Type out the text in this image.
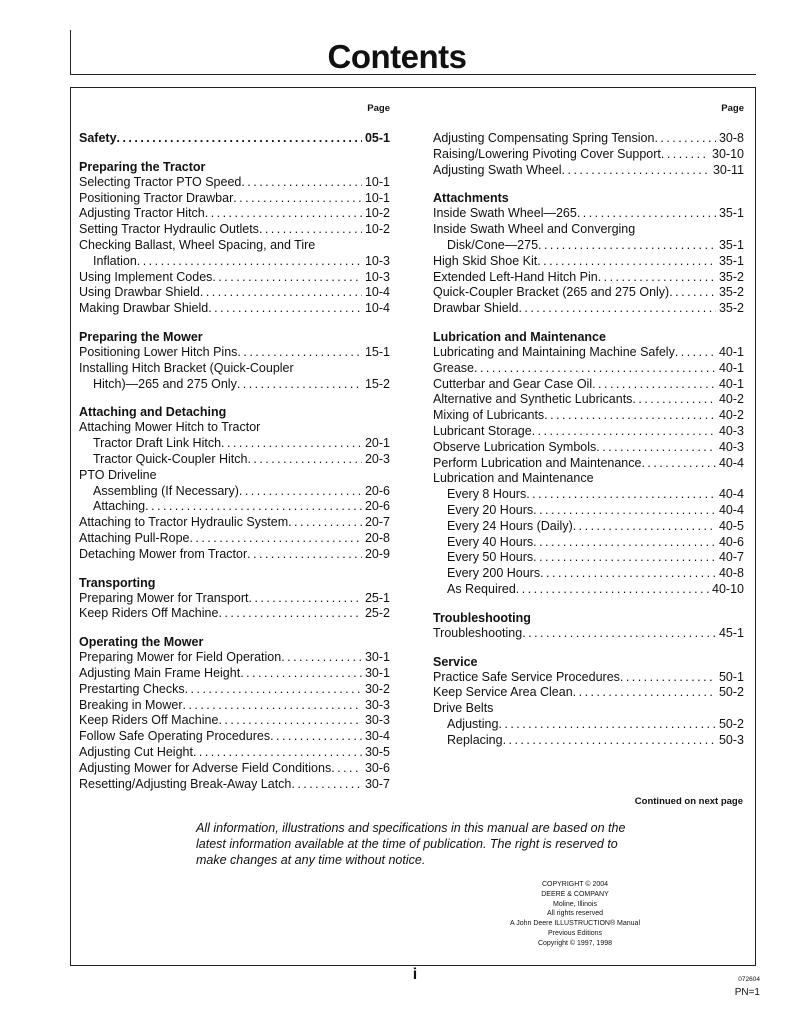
Contents
Page
Safety . . .	05-1
Preparing the Tractor
Selecting Tractor PTO Speed . . .	10-1
Positioning Tractor Drawbar . . .	10-1
Adjusting Tractor Hitch . . .	10-2
Setting Tractor Hydraulic Outlets . . .	10-2
Checking Ballast, Wheel Spacing, and Tire
Inflation . . .	10-3
Using Implement Codes . . .	10-3
Using Drawbar Shield . . .	10-4
Making Drawbar Shield . . .	10-4
Preparing the Mower
Positioning Lower Hitch Pins . . .	15-1
Installing Hitch Bracket (Quick-Coupler
Hitch)—265 and 275 Only . . .	15-2
Attaching and Detaching
Attaching Mower Hitch to Tractor
Tractor Draft Link Hitch . . .	20-1
Tractor Quick-Coupler Hitch . . .	20-3
PTO Driveline
Assembling (If Necessary) . . .	20-6
Attaching . . .	20-6
Attaching to Tractor Hydraulic System . . .	20-7
Attaching Pull-Rope . . .	20-8
Detaching Mower from Tractor . . .	20-9
Transporting
Preparing Mower for Transport . . .	25-1
Keep Riders Off Machine . . .	25-2
Operating the Mower
Preparing Mower for Field Operation . . .	30-1
Adjusting Main Frame Height . . .	30-1
Prestarting Checks . . .	30-2
Breaking in Mower . . .	30-3
Keep Riders Off Machine . . .	30-3
Follow Safe Operating Procedures . . .	30-4
Adjusting Cut Height . . .	30-5
Adjusting Mower for Adverse Field Conditions . . .	30-6
Resetting/Adjusting Break-Away Latch . . .	30-7
Page
Adjusting Compensating Spring Tension . . .	30-8
Raising/Lowering Pivoting Cover Support . . .	30-10
Adjusting Swath Wheel . . .	30-11
Attachments
Inside Swath Wheel—265 . . .	35-1
Inside Swath Wheel and Converging
Disk/Cone—275 . . .	35-1
High Skid Shoe Kit . . .	35-1
Extended Left-Hand Hitch Pin . . .	35-2
Quick-Coupler Bracket (265 and 275 Only) . . .	35-2
Drawbar Shield . . .	35-2
Lubrication and Maintenance
Lubricating and Maintaining Machine Safely . . .	40-1
Grease . . .	40-1
Cutterbar and Gear Case Oil . . .	40-1
Alternative and Synthetic Lubricants . . .	40-2
Mixing of Lubricants . . .	40-2
Lubricant Storage . . .	40-3
Observe Lubrication Symbols . . .	40-3
Perform Lubrication and Maintenance . . .	40-4
Lubrication and Maintenance
Every 8 Hours . . .	40-4
Every 20 Hours . . .	40-4
Every 24 Hours (Daily) . . .	40-5
Every 40 Hours . . .	40-6
Every 50 Hours . . .	40-7
Every 200 Hours . . .	40-8
As Required . . .	40-10
Troubleshooting
Troubleshooting . . .	45-1
Service
Practice Safe Service Procedures . . .	50-1
Keep Service Area Clean . . .	50-2
Drive Belts
Adjusting . . .	50-2
Replacing . . .	50-3
Continued on next page
All information, illustrations and specifications in this manual are based on the latest information available at the time of publication. The right is reserved to make changes at any time without notice.
COPYRIGHT © 2004
DEERE & COMPANY
Moline, Illinois
All rights reserved
A John Deere ILLUSTRUCTION® Manual
Previous Editions
Copyright © 1997, 1998
i	072604
PN=1
